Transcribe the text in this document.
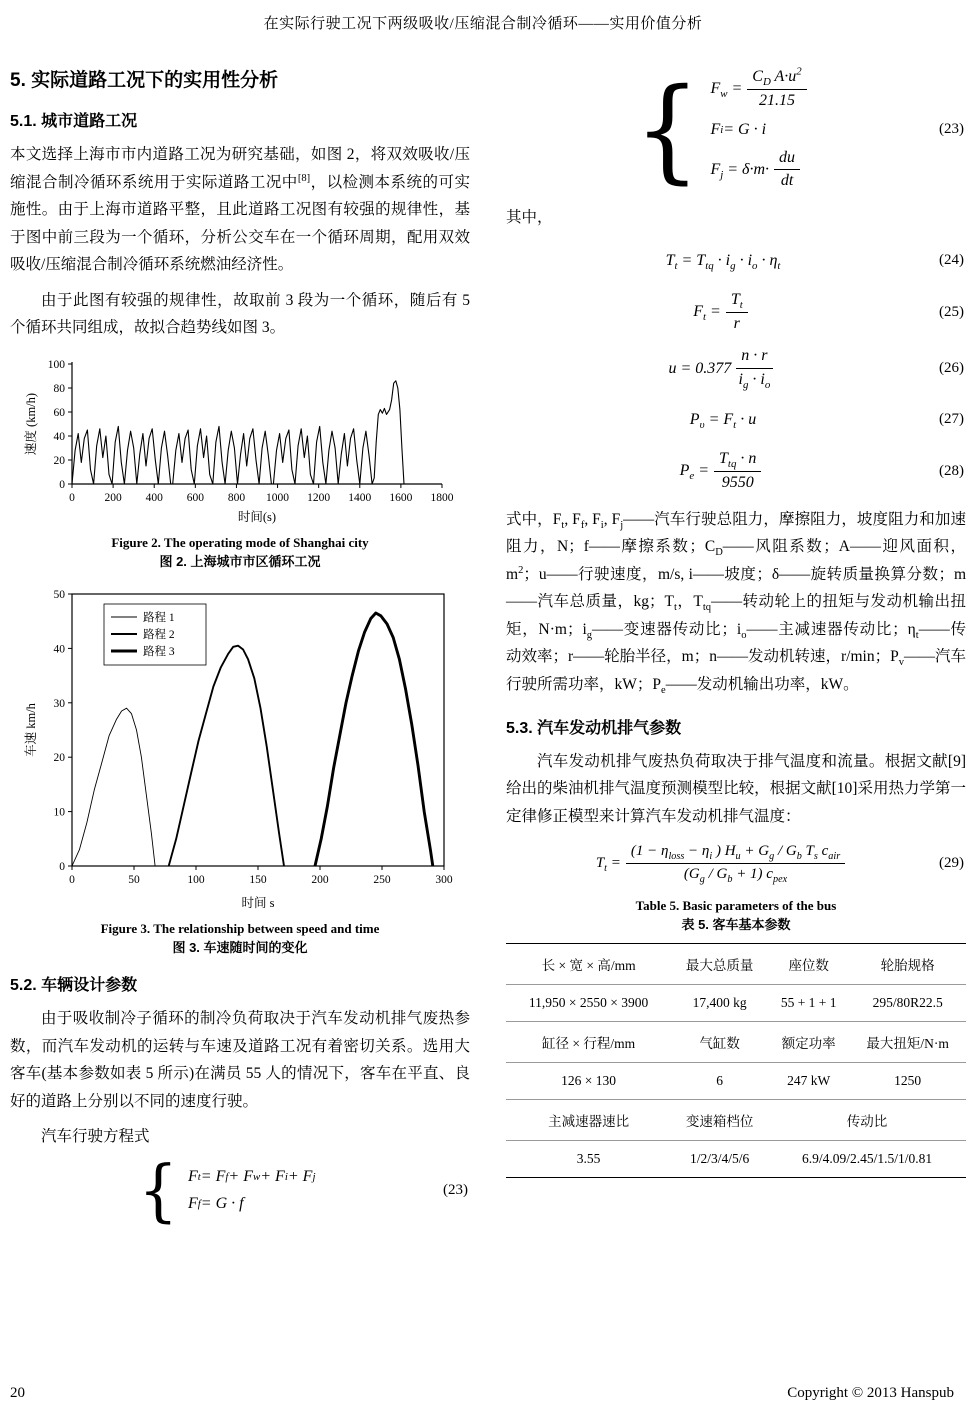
在实际行驶工况下两级吸收/压缩混合制冷循环——实用价值分析
5. 实际道路工况下的实用性分析
5.1. 城市道路工况

本文选择上海市市内道路工况为研究基础，如图 2，将双效吸收/压缩混合制冷循环系统用于实际道路工况中[8]，以检测本系统的可实施性。由于上海市道路平整，且此道路工况图有较强的规律性，基于图中前三段为一个循环，分析公交车在一个循环周期，配用双效吸收/压缩混合制冷循环系统燃油经济性。

由于此图有较强的规律性，故取前 3 段为一个循环，随后有 5 个循环共同组成，故拟合趋势线如图 3。

0	200 400 600 800 1000 1200 1400 1600 1800
0
20
40
60
80
100
时间(s)
速度 (km/h)
Figure 2. The operating mode of Shanghai city
图 2. 上海城市市区循环工况
0	50	100	150	200	250	300
0
10
20
30
40
50
时间 s
车速 km/h
路程 1
路程 2
路程 3
Figure 3. The relationship between speed and time
图 3. 车速随时间的变化
5.2. 车辆设计参数

由于吸收制冷子循环的制冷负荷取决于汽车发动机排气废热参数，而汽车发动机的运转与车速及道路工况有着密切关系。选用大客车(基本参数如表 5 所示)在满员 55 人的情况下，客车在平直、良好的道路上分别以不同的速度行驶。

汽车行驶方程式

{ F t = F f + F w + F i + F j
F f = G · f
(23)
{ $F_w = \frac{C_D A\cdot u^2}{21.15}$
F i = G · i
$F_j = \delta\cdot m\cdot \frac{du}{dt}$
(23)

其中，

$T_t = T_{tq} \cdot i_g \cdot i_o \cdot \eta_t$	(24)
$F_t = \frac{T_t}{r}$	(25)
$u = 0.377 \frac{n \cdot r}{i_g \cdot i_o}$	(26)
$P_\upsilon = F_t \cdot u$	(27)
$P_e = \frac{T_{tq} \cdot n}{9550}$	(28)

式中，$F_t$, $F_f$, $F_i$, $F_j——$汽车行驶总阻力，摩擦阻力，坡度阻力和加速阻力，N；f——摩擦系数；$C_D——$风阻系数；A——迎风面积，$m^2$；u——行驶速度，m/s, i——坡度；δ——旋转质量换算分数；m——汽车总质量，kg；$T_t$，$T_{tq}——$转动轮上的扭矩与发动机输出扭矩，N·m；$i_g——$变速器传动比；$i_o——$主减速器传动比；$\eta_t——$传动效率；r——轮胎半径，m；n——发动机转速，r/min；$P_v——$汽车行驶所需功率，kW；$P_e——$发动机输出功率，kW。

5.3. 汽车发动机排气参数

汽车发动机排气废热负荷取决于排气温度和流量。根据文献[9]给出的柴油机排气温度预测模型比较，根据文献[10]采用热力学第一定律修正模型来计算汽车发动机排气温度：

$T_t = \frac{(1 - \eta_{loss} - \eta_i ) H_u + G_g / G_b T_s c_{air}}{(G_g / G_b + 1) c_{pex}}$	(29)
Table 5. Basic parameters of the bus
表 5. 客车基本参数
长 × 宽 × 高/mm	最大总质量	座位数	轮胎规格
11,950 × 2550 × 3900	17,400 kg	55 + 1 + 1	295/80R22.5
缸径 × 行程/mm	气缸数	额定功率	最大扭矩/N·m
126 × 130	6	247 kW	1250
主减速器速比	变速箱档位	传动比	
3.55	1/2/3/4/5/6	6.9/4.09/2.45/1.5/1/0.81	
20	Copyright © 2013 Hanspub
